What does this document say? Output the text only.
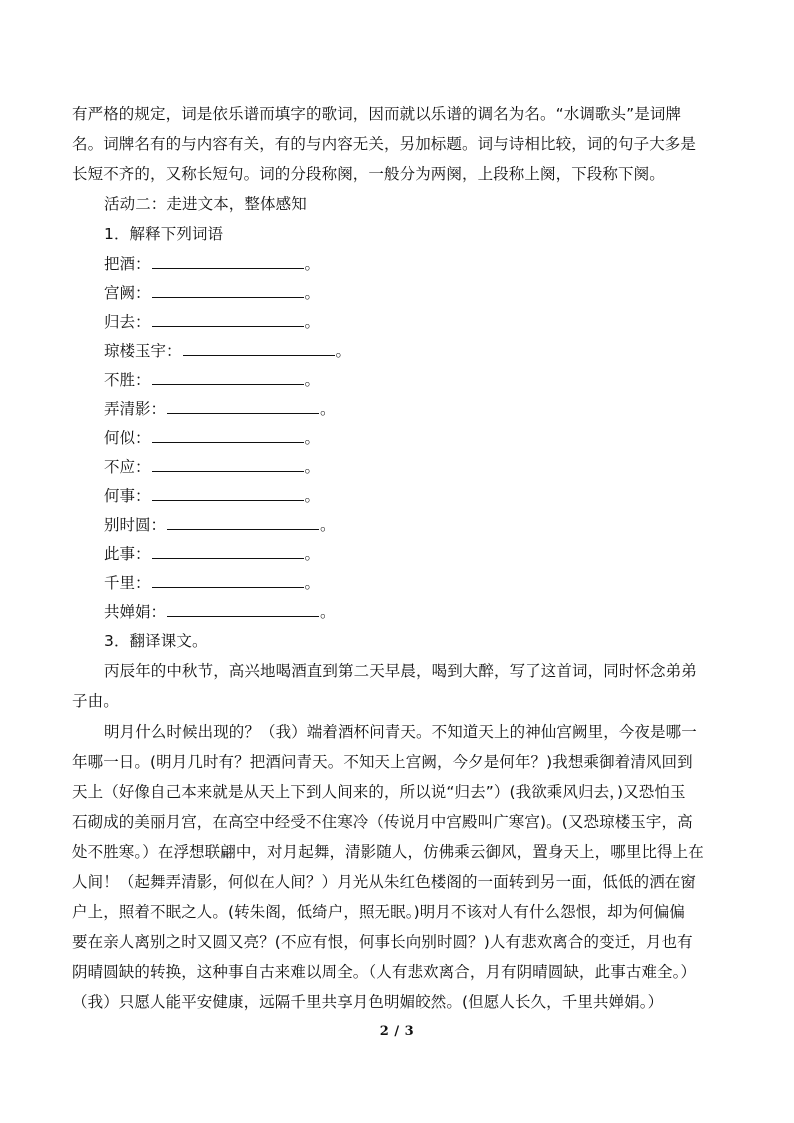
有严格的规定，词是依乐谱而填字的歌词，因而就以乐谱的调名为名。“水调歌头”是词牌
名。词牌名有的与内容有关，有的与内容无关，另加标题。词与诗相比较，词的句子大多是
长短不齐的，又称长短句。词的分段称阕，一般分为两阕，上段称上阕，下段称下阕。
活动二：走进文本，整体感知
1．解释下列词语
把酒：	。
宫阙：	。
归去：	。
琼楼玉宇：	。
不胜：	。
弄清影：	。
何似：	。
不应：	。
何事：	。
别时圆：	。
此事：	。
千里：	。
共婵娟：	。
3．翻译课文。
丙辰年的中秋节，高兴地喝酒直到第二天早晨，喝到大醉，写了这首词，同时怀念弟弟
子由。
明月什么时候出现的？（我）端着酒杯问青天。不知道天上的神仙宫阙里，今夜是哪一
年哪一日。(明月几时有？把酒问青天。不知天上宫阙，今夕是何年？)我想乘御着清风回到
天上（好像自己本来就是从天上下到人间来的，所以说“归去”）(我欲乘风归去，)又恐怕玉
石砌成的美丽月宫，在高空中经受不住寒冷（传说月中宫殿叫广寒宫)。(又恐琼楼玉宇，高
处不胜寒。）在浮想联翩中，对月起舞，清影随人，仿佛乘云御风，置身天上，哪里比得上在
人间！（起舞弄清影，何似在人间？）月光从朱红色楼阁的一面转到另一面，低低的洒在窗
户上，照着不眠之人。(转朱阁，低绮户，照无眠。)明月不该对人有什么怨恨，却为何偏偏
要在亲人离别之时又圆又亮？(不应有恨，何事长向别时圆？)人有悲欢离合的变迁，月也有
阴晴圆缺的转换，这种事自古来难以周全。（人有悲欢离合，月有阴晴圆缺，此事古难全。）
（我）只愿人能平安健康，远隔千里共享月色明媚皎然。(但愿人长久，千里共婵娟。）
2 / 3
